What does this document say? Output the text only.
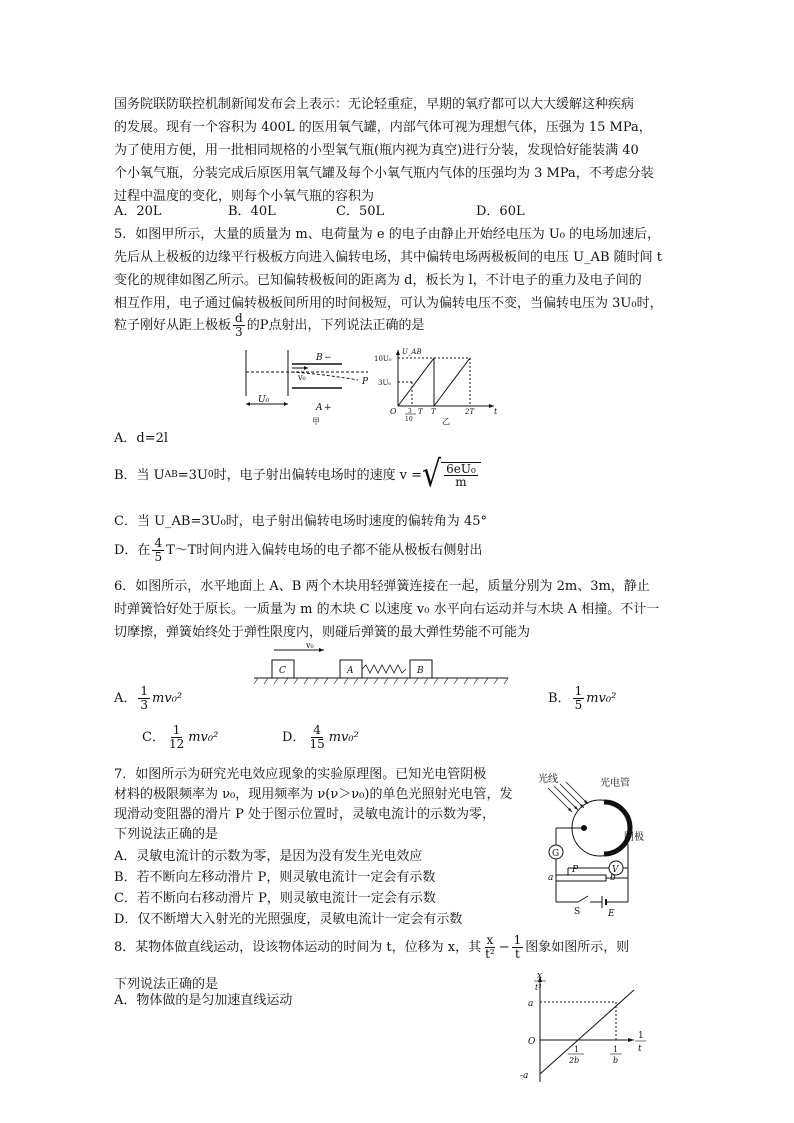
国务院联防联控机制新闻发布会上表示：无论轻重症，早期的氧疗都可以大大缓解这种疾病
的发展。现有一个容积为 400L 的医用氧气罐，内部气体可视为理想气体，压强为 15 MPa，
为了使用方便，用一批相同规格的小型氧气瓶(瓶内视为真空)进行分装，发现恰好能装满 40
个小氧气瓶，分装完成后原医用氧气罐及每个小氧气瓶内气体的压强均为 3 MPa，不考虑分装
过程中温度的变化，则每个小氧气瓶的容积为
A．20L	B．40L	C．50L	D．60L
5．如图甲所示，大量的质量为 m、电荷量为 e 的电子由静止开始经电压为 U₀ 的电场加速后，
先后从上极板的边缘平行极板方向进入偏转电场，其中偏转电场两极板间的电压 U_AB 随时间 t
变化的规律如图乙所示。已知偏转极板间的距离为 d，板长为 l，不计电子的重力及电子间的
相互作用，电子通过偏转极板间所用的时间极短，可认为偏转电压不变，当偏转电压为 3U₀时，
粒子刚好从距上极板 $\frac{d}{3}$ 的P点射出，下列说法正确的是
v₀
B −
P
A +
U₀
甲
U_AB
10U₀
3U₀
O 3
10
T T	2T t
乙
A．d=2l
B．当 U AB =3U 0 时，电子射出偏转电场时的速度 v = √ 6eU₀
m
C．当 U_AB=3U₀时，电子射出偏转电场时速度的偏转角为 45°
D．在 $\frac{4}{5}$ T～T时间内进入偏转电场的电子都不能从极板右侧射出
6．如图所示，水平地面上 A、B 两个木块用轻弹簧连接在一起，质量分别为 2m、3m，静止
时弹簧恰好处于原长。一质量为 m 的木块 C 以速度 v₀ 水平向右运动并与木块 A 相撞。不计一
切摩擦，弹簧始终处于弹性限度内，则碰后弹簧的最大弹性势能不可能为
v₀
C	A	B
A． $\frac{1}{3} mv_0^2$	B． $\frac{1}{5} mv_0^2$
C． $\frac{1}{12} mv_0^2$	D． $\frac{4}{15} mv_0^2$
7．如图所示为研究光电效应现象的实验原理图。已知光电管阴极
材料的极限频率为 ν₀，现用频率为 ν(ν＞ν₀)的单色光照射光电管，发
现滑动变阻器的滑片 P 处于图示位置时，灵敏电流计的示数为零，
下列说法正确的是
A．灵敏电流计的示数为零，是因为没有发生光电效应
B．若不断向左移动滑片 P，则灵敏电流计一定会有示数
C．若不断向右移动滑片 P，则灵敏电流计一定会有示数
D．仅不断增大入射光的光照强度，灵敏电流计一定会有示数
光线	光电管
阴极
G
V
a
P
b
S	E
8．某物体做直线运动，设该物体运动的时间为 t，位移为 x，其 $\frac{x}{\text{t²}} - \frac{1}{t}$ 图象如图所示，则
下列说法正确的是
A．物体做的是匀加速直线运动
x
t²
1
t
a
O
-a
1
2b
1
b
